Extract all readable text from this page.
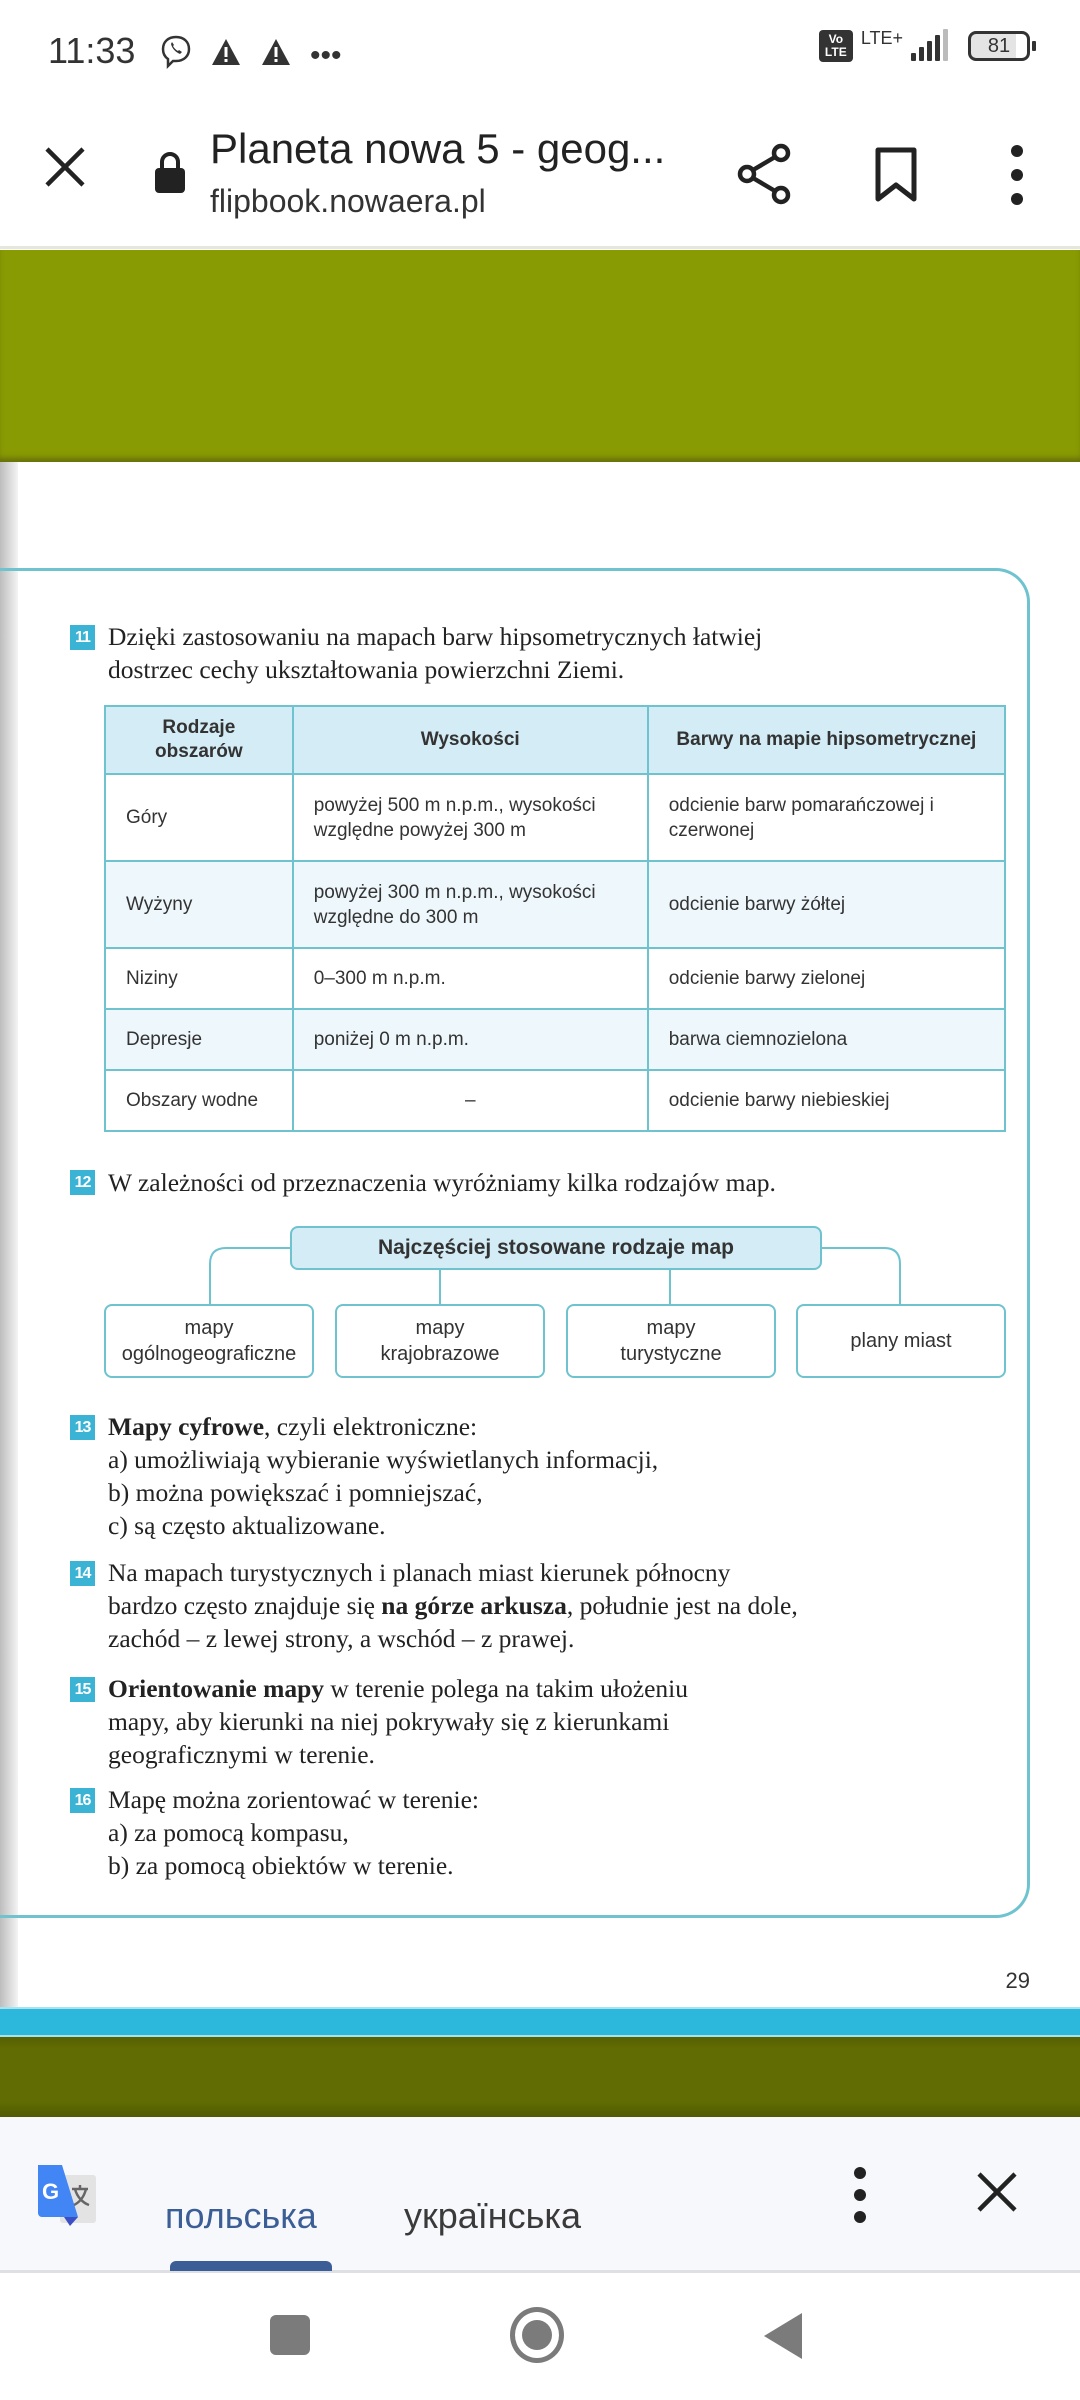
11:33	•••	Vo
LTE
LTE+	81
Planeta nowa 5 - geog...
flipbook.nowaera.pl
11 Dzięki zastosowaniu na mapach barw hipsometrycznych łatwiej dostrzec cechy ukształtowania powierzchni Ziemi.
Rodzaje obszarów	Wysokości	Barwy na mapie hipsometrycznej
Góry	powyżej 500 m n.p.m., wysokości względne powyżej 300 m	odcienie barw pomarańczowej i czerwonej
Wyżyny	powyżej 300 m n.p.m., wysokości względne do 300 m	odcienie barwy żółtej
Niziny	0–300 m n.p.m.	odcienie barwy zielonej
Depresje	poniżej 0 m n.p.m.	barwa ciemnozielona
Obszary wodne	–	odcienie barwy niebieskiej
12 W zależności od przeznaczenia wyróżniamy kilka rodzajów map.
Najczęściej stosowane rodzaje map
mapy
ogólnogeograficzne
mapy
krajobrazowe
mapy
turystyczne
plany miast
13 Mapy cyfrowe, czyli elektroniczne:
a) umożliwiają wybieranie wyświetlanych informacji,
b) można powiększać i pomniejszać,
c) są często aktualizowane.
14 Na mapach turystycznych i planach miast kierunek północny bardzo często znajduje się na górze arkusza, południe jest na dole, zachód – z lewej strony, a wschód – z prawej.
15 Orientowanie mapy w terenie polega na takim ułożeniu mapy, aby kierunki na niej pokrywały się z kierunkami geograficznymi w terenie.
16 Mapę można zorientować w terenie:
a) za pomocą kompasu,
b) za pomocą obiektów w terenie.
29
G
польська українська
